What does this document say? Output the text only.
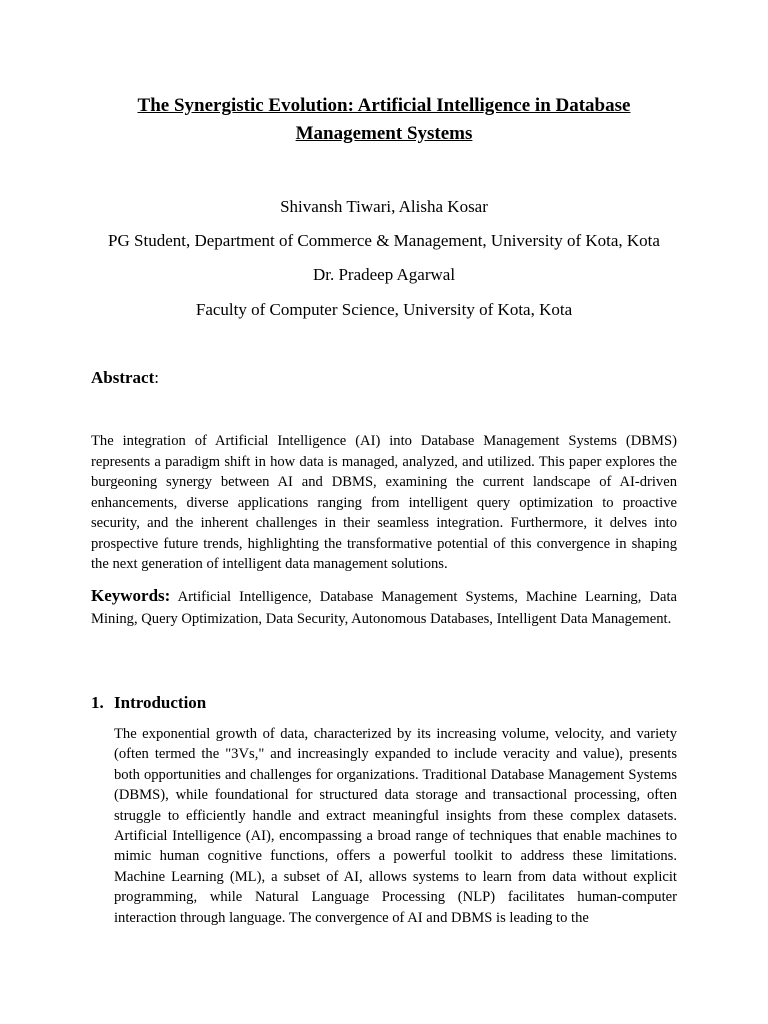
The Synergistic Evolution: Artificial Intelligence in Database Management Systems

Shivansh Tiwari, Alisha Kosar

PG Student, Department of Commerce & Management, University of Kota, Kota

Dr. Pradeep Agarwal

Faculty of Computer Science, University of Kota, Kota

Abstract:

The integration of Artificial Intelligence (AI) into Database Management Systems (DBMS) represents a paradigm shift in how data is managed, analyzed, and utilized. This paper explores the burgeoning synergy between AI and DBMS, examining the current landscape of AI-driven enhancements, diverse applications ranging from intelligent query optimization to proactive security, and the inherent challenges in their seamless integration. Furthermore, it delves into prospective future trends, highlighting the transformative potential of this convergence in shaping the next generation of intelligent data management solutions.

Keywords: Artificial Intelligence, Database Management Systems, Machine Learning, Data Mining, Query Optimization, Data Security, Autonomous Databases, Intelligent Data Management.

1. Introduction

The exponential growth of data, characterized by its increasing volume, velocity, and variety (often termed the "3Vs," and increasingly expanded to include veracity and value), presents both opportunities and challenges for organizations. Traditional Database Management Systems (DBMS), while foundational for structured data storage and transactional processing, often struggle to efficiently handle and extract meaningful insights from these complex datasets. Artificial Intelligence (AI), encompassing a broad range of techniques that enable machines to mimic human cognitive functions, offers a powerful toolkit to address these limitations. Machine Learning (ML), a subset of AI, allows systems to learn from data without explicit programming, while Natural Language Processing (NLP) facilitates human-computer interaction through language. The convergence of AI and DBMS is leading to the
